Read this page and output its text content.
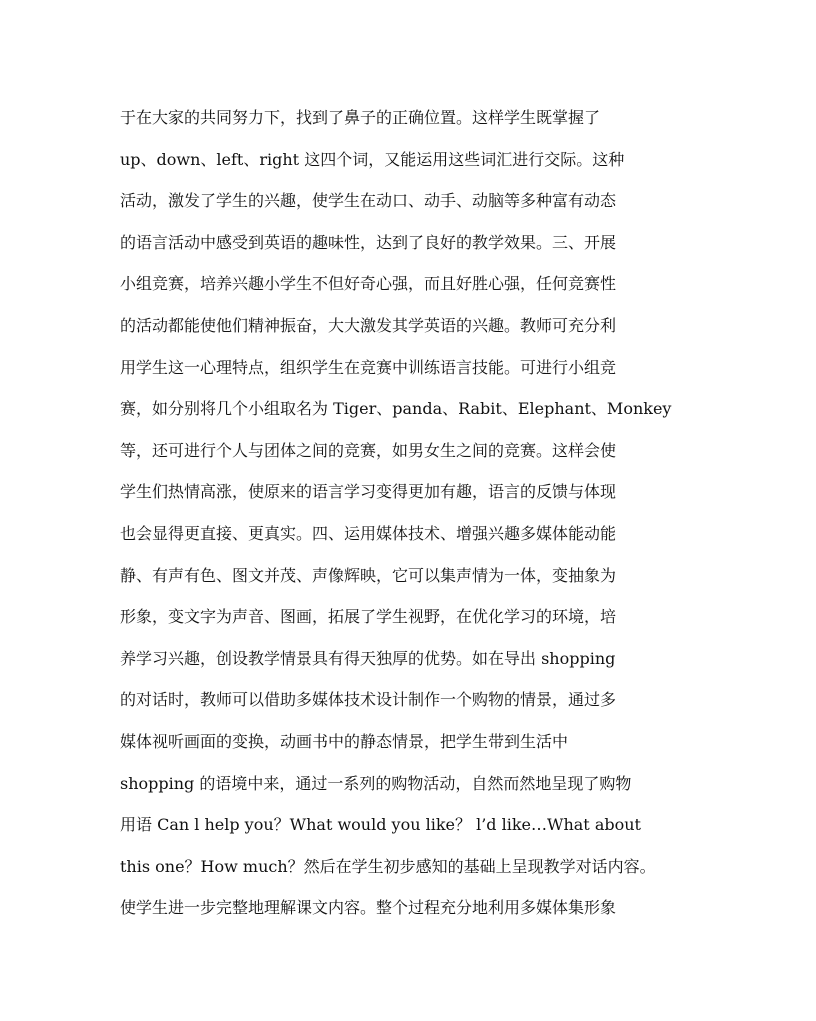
于在大家的共同努力下，找到了鼻子的正确位置。这样学生既掌握了
up、down、left、right 这四个词，又能运用这些词汇进行交际。这种
活动，激发了学生的兴趣，使学生在动口、动手、动脑等多种富有动态
的语言活动中感受到英语的趣味性，达到了良好的教学效果。三、开展
小组竞赛，培养兴趣小学生不但好奇心强，而且好胜心强，任何竞赛性
的活动都能使他们精神振奋，大大激发其学英语的兴趣。教师可充分利
用学生这一心理特点，组织学生在竞赛中训练语言技能。可进行小组竞
赛，如分别将几个小组取名为 Tiger、panda、Rabit、Elephant、Monkey
等，还可进行个人与团体之间的竞赛，如男女生之间的竞赛。这样会使
学生们热情高涨，使原来的语言学习变得更加有趣，语言的反馈与体现
也会显得更直接、更真实。四、运用媒体技术、增强兴趣多媒体能动能
静、有声有色、图文并茂、声像辉映，它可以集声情为一体，变抽象为
形象，变文字为声音、图画，拓展了学生视野，在优化学习的环境，培
养学习兴趣，创设教学情景具有得天独厚的优势。如在导出 shopping
的对话时，教师可以借助多媒体技术设计制作一个购物的情景，通过多
媒体视听画面的变换，动画书中的静态情景，把学生带到生活中
shopping 的语境中来，通过一系列的购物活动，自然而然地呈现了购物
用语 Can l help you？What would you like？ l’d like…What about
this one？How much？然后在学生初步感知的基础上呈现教学对话内容。
使学生进一步完整地理解课文内容。整个过程充分地利用多媒体集形象
